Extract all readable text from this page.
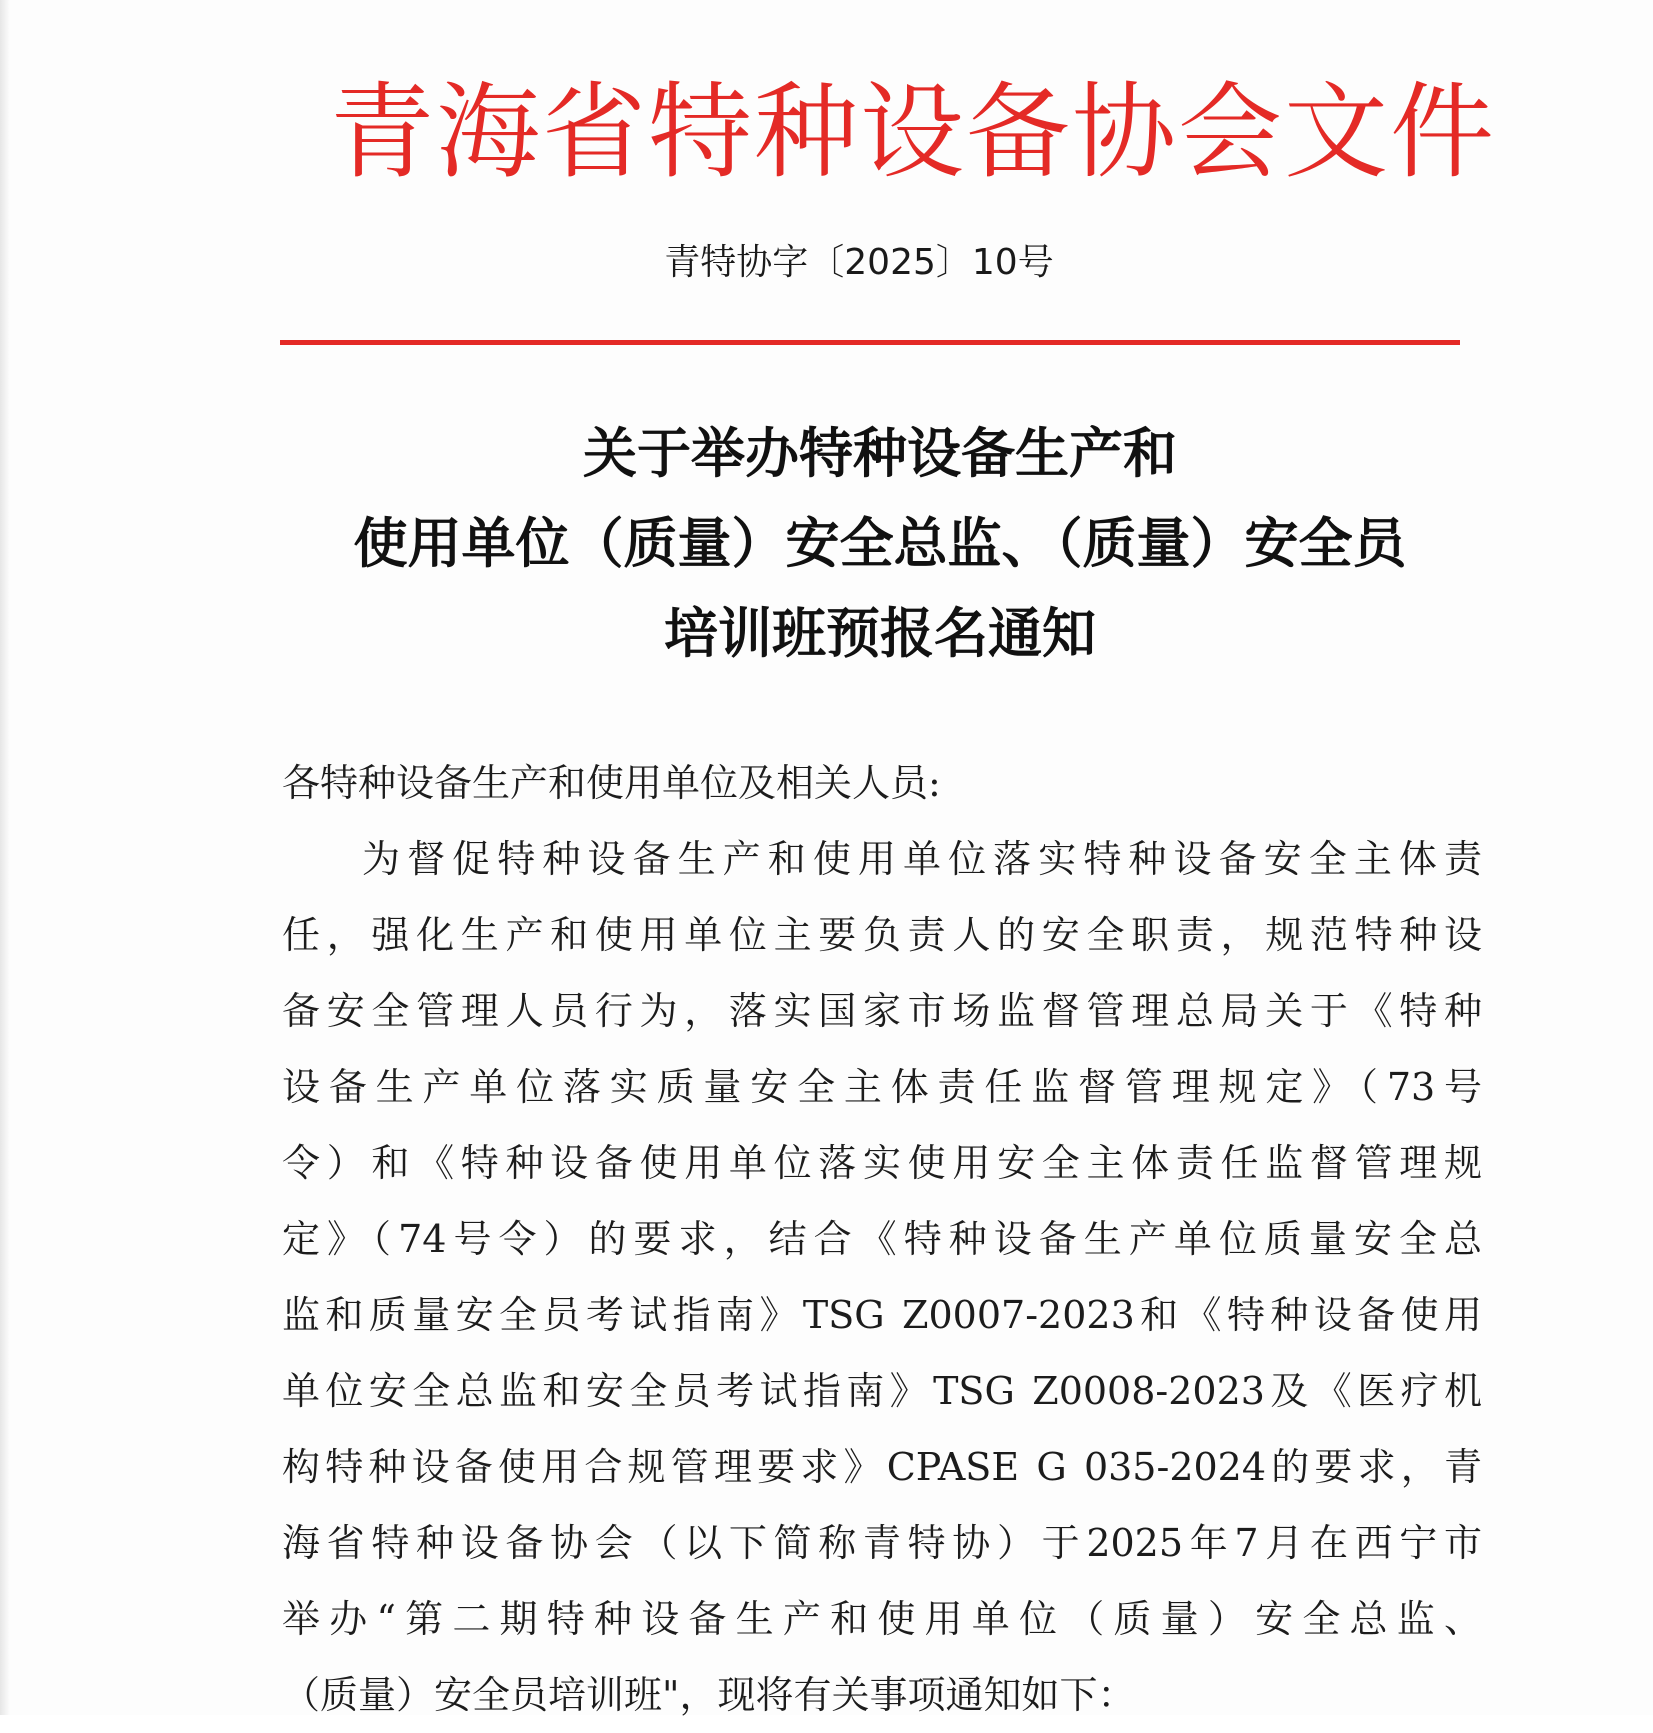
青海省特种设备协会文件
青特协字〔2025〕10号
关于举办特种设备生产和
使用单位（质量）安全总监、（质量）安全员
培训班预报名通知
各特种设备生产和使用单位及相关人员:
为督促特种设备生产和使用单位落实特种设备安全主体责
任，强化生产和使用单位主要负责人的安全职责，规范特种设
备安全管理人员行为，落实国家市场监督管理总局关于《特种
设备生产单位落实质量安全主体责任监督管理规定》（73号
令）和《特种设备使用单位落实使用安全主体责任监督管理规
定》（74号令）的要求，结合《特种设备生产单位质量安全总
监和质量安全员考试指南》TSG Z0007-2023和《特种设备使用
单位安全总监和安全员考试指南》TSG Z0008-2023及《医疗机
构特种设备使用合规管理要求》CPASE G 035-2024的要求，青
海省特种设备协会（以下简称青特协）于2025年7月在西宁市
举办“第二期特种设备生产和使用单位（质量）安全总监、
（质量）安全员培训班"，现将有关事项通知如下：
